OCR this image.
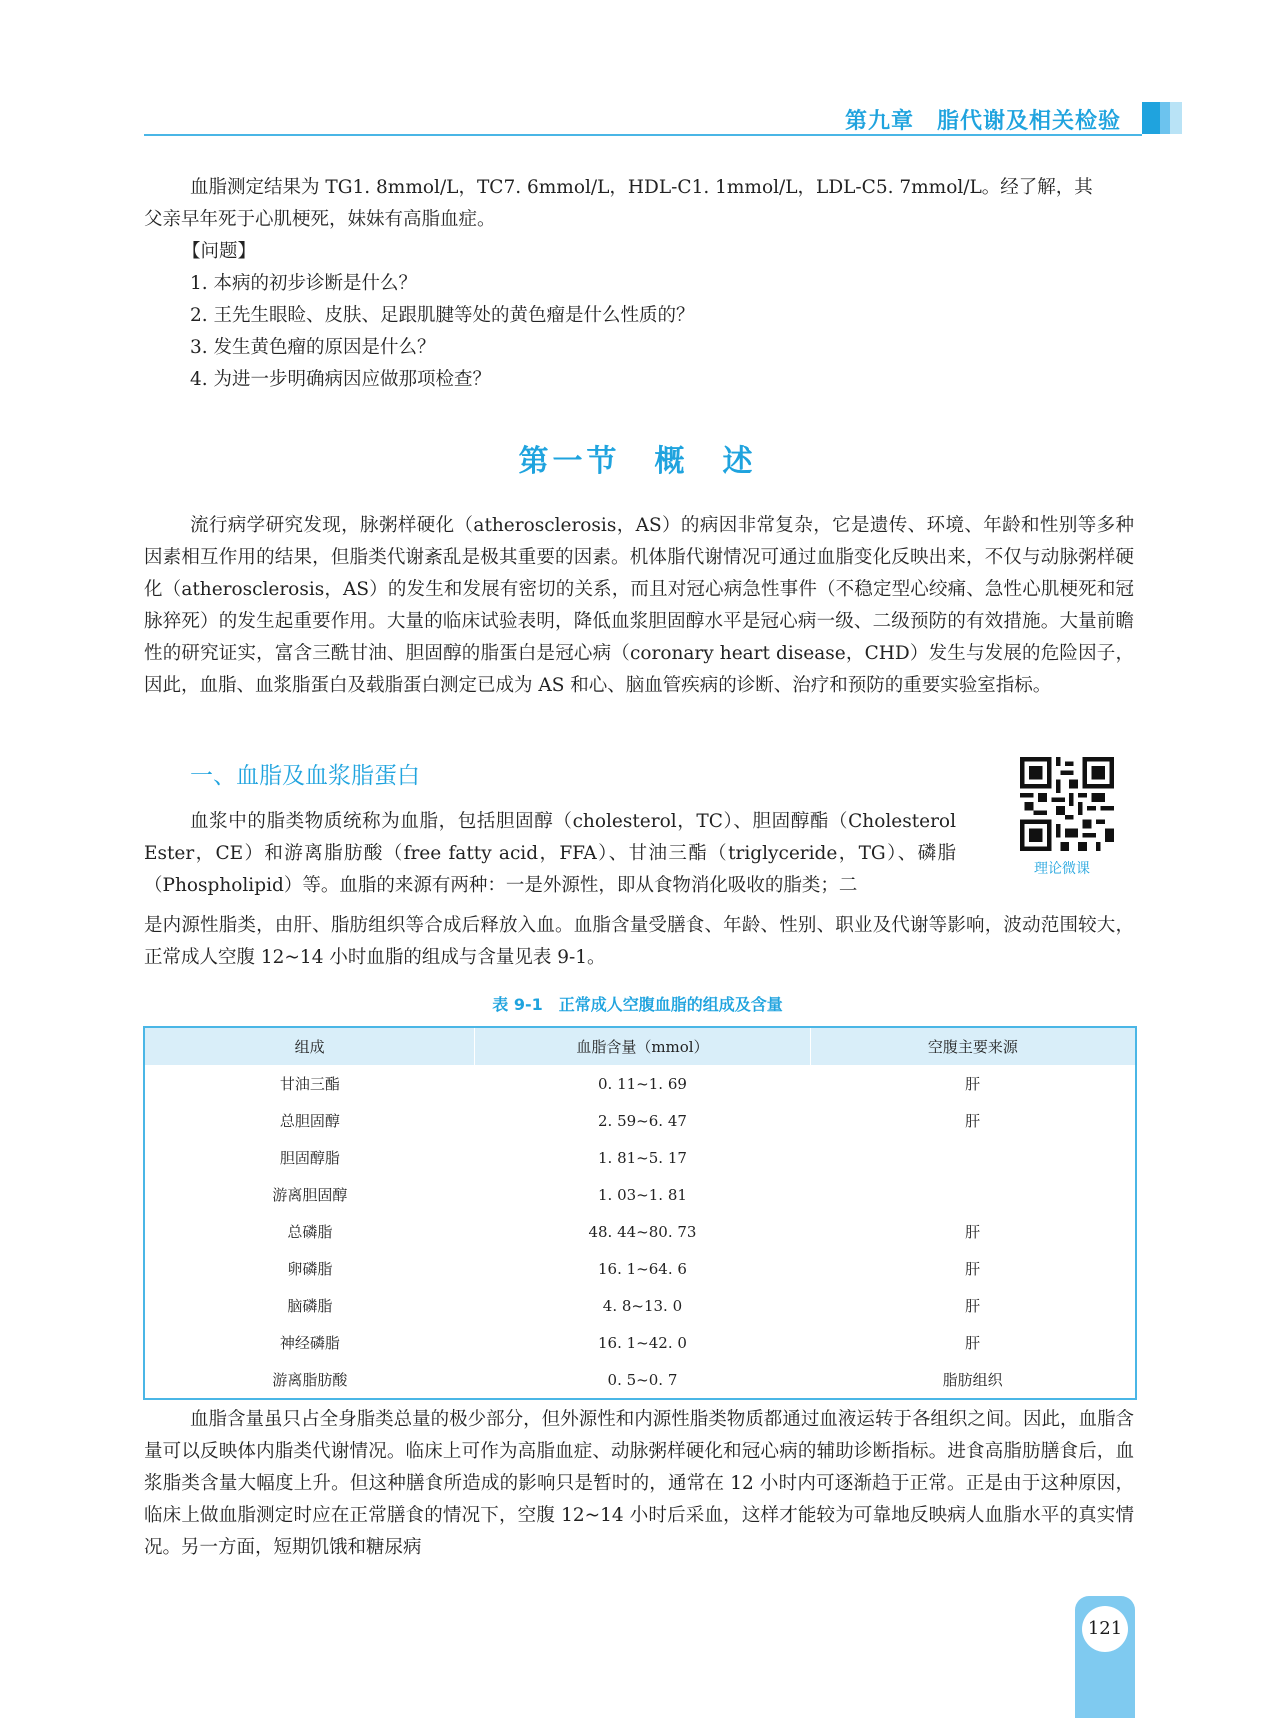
第九章　脂代谢及相关检验
血脂测定结果为 TG1. 8mmol/L，TC7. 6mmol/L，HDL-C1. 1mmol/L，LDL-C5. 7mmol/L。经了解，其
父亲早年死于心肌梗死，妹妹有高脂血症。
【问题】
1. 本病的初步诊断是什么？
2. 王先生眼睑、皮肤、足跟肌腱等处的黄色瘤是什么性质的？
3. 发生黄色瘤的原因是什么？
4. 为进一步明确病因应做那项检查？
第一节　概　述
流行病学研究发现，脉粥样硬化（atherosclerosis，AS）的病因非常复杂，它是遗传、环境、年龄和性别等多种因素相互作用的结果，但脂类代谢紊乱是极其重要的因素。机体脂代谢情况可通过血脂变化反映出来，不仅与动脉粥样硬化（atherosclerosis，AS）的发生和发展有密切的关系，而且对冠心病急性事件（不稳定型心绞痛、急性心肌梗死和冠脉猝死）的发生起重要作用。大量的临床试验表明，降低血浆胆固醇水平是冠心病一级、二级预防的有效措施。大量前瞻性的研究证实，富含三酰甘油、胆固醇的脂蛋白是冠心病（coronary heart disease，CHD）发生与发展的危险因子，因此，血脂、血浆脂蛋白及载脂蛋白测定已成为 AS 和心、脑血管疾病的诊断、治疗和预防的重要实验室指标。
一、血脂及血浆脂蛋白
理论微课
血浆中的脂类物质统称为血脂，包括胆固醇（cholesterol，TC）、胆固醇酯（Cholesterol Ester，CE）和游离脂肪酸（free fatty acid，FFA）、甘油三酯（triglyceride，TG）、磷脂（Phospholipid）等。血脂的来源有两种：一是外源性，即从食物消化吸收的脂类；二
是内源性脂类，由肝、脂肪组织等合成后释放入血。血脂含量受膳食、年龄、性别、职业及代谢等影响，波动范围较大，正常成人空腹 12~14 小时血脂的组成与含量见表 9-1。
表 9-1　正常成人空腹血脂的组成及含量
组成	血脂含量（mmol）	空腹主要来源
甘油三酯	0. 11~1. 69	肝
总胆固醇	2. 59~6. 47	肝
胆固醇脂	1. 81~5. 17	
游离胆固醇	1. 03~1. 81	
总磷脂	48. 44~80. 73	肝
卵磷脂	16. 1~64. 6	肝
脑磷脂	4. 8~13. 0	肝
神经磷脂	16. 1~42. 0	肝
游离脂肪酸	0. 5~0. 7	脂肪组织
血脂含量虽只占全身脂类总量的极少部分，但外源性和内源性脂类物质都通过血液运转于各组织之间。因此，血脂含量可以反映体内脂类代谢情况。临床上可作为高脂血症、动脉粥样硬化和冠心病的辅助诊断指标。进食高脂肪膳食后，血浆脂类含量大幅度上升。但这种膳食所造成的影响只是暂时的，通常在 12 小时内可逐渐趋于正常。正是由于这种原因，临床上做血脂测定时应在正常膳食的情况下，空腹 12~14 小时后采血，这样才能较为可靠地反映病人血脂水平的真实情况。另一方面，短期饥饿和糖尿病
121
